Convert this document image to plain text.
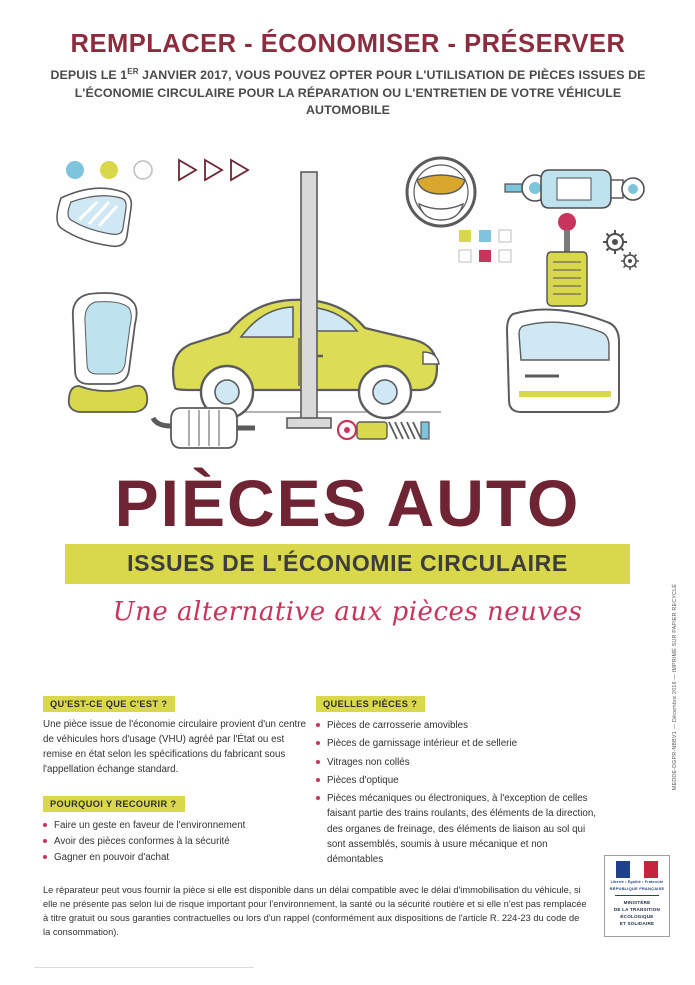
REMPLACER - ÉCONOMISER - PRÉSERVER
DEPUIS LE 1ER JANVIER 2017, VOUS POUVEZ OPTER POUR L'UTILISATION DE PIÈCES ISSUES DE
L'ÉCONOMIE CIRCULAIRE POUR LA RÉPARATION OU L'ENTRETIEN DE VOTRE VÉHICULE AUTOMOBILE
PIÈCES AUTO
ISSUES DE L'ÉCONOMIE CIRCULAIRE
Une alternative aux pièces neuves
QU'EST-CE QUE C'EST ?
Une pièce issue de l'économie circulaire provient d'un centre de véhicules hors d'usage (VHU) agréé par l'État ou est remise en état selon les spécifications du fabricant sous l'appellation échange standard.
POURQUOI Y RECOURIR ?
Faire un geste en faveur de l'environnement
Avoir des pièces conformes à la sécurité
Gagner en pouvoir d'achat
QUELLES PIÈCES ?
Pièces de carrosserie amovibles
Pièces de garnissage intérieur et de sellerie
Vitrages non collés
Pièces d'optique
Pièces mécaniques ou électroniques, à l'exception de celles faisant partie des trains roulants, des éléments de la direction, des organes de freinage, des éléments de liaison au sol qui sont assemblés, soumis à usure mécanique et non démontables
Le réparateur peut vous fournir la pièce si elle est disponible dans un délai compatible avec le délai d'immobilisation du véhicule, si elle ne présente pas selon lui de risque important pour l'environnement, la santé ou la sécurité routière et si elle n'est pas remplacée à titre gratuit ou sous garanties contractuelles ou lors d'un rappel (conformément aux dispositions de l'article R. 224-23 du code de la consommation).
MEDDE-DGPR-NBBV1 — Décembre 2016 — IMPRIMÉ SUR PAPIER RECYCLÉ
Liberté • Égalité • Fraternité
RÉPUBLIQUE FRANÇAISE
MINISTÈRE
DE LA TRANSITION
ÉCOLOGIQUE
ET SOLIDAIRE
